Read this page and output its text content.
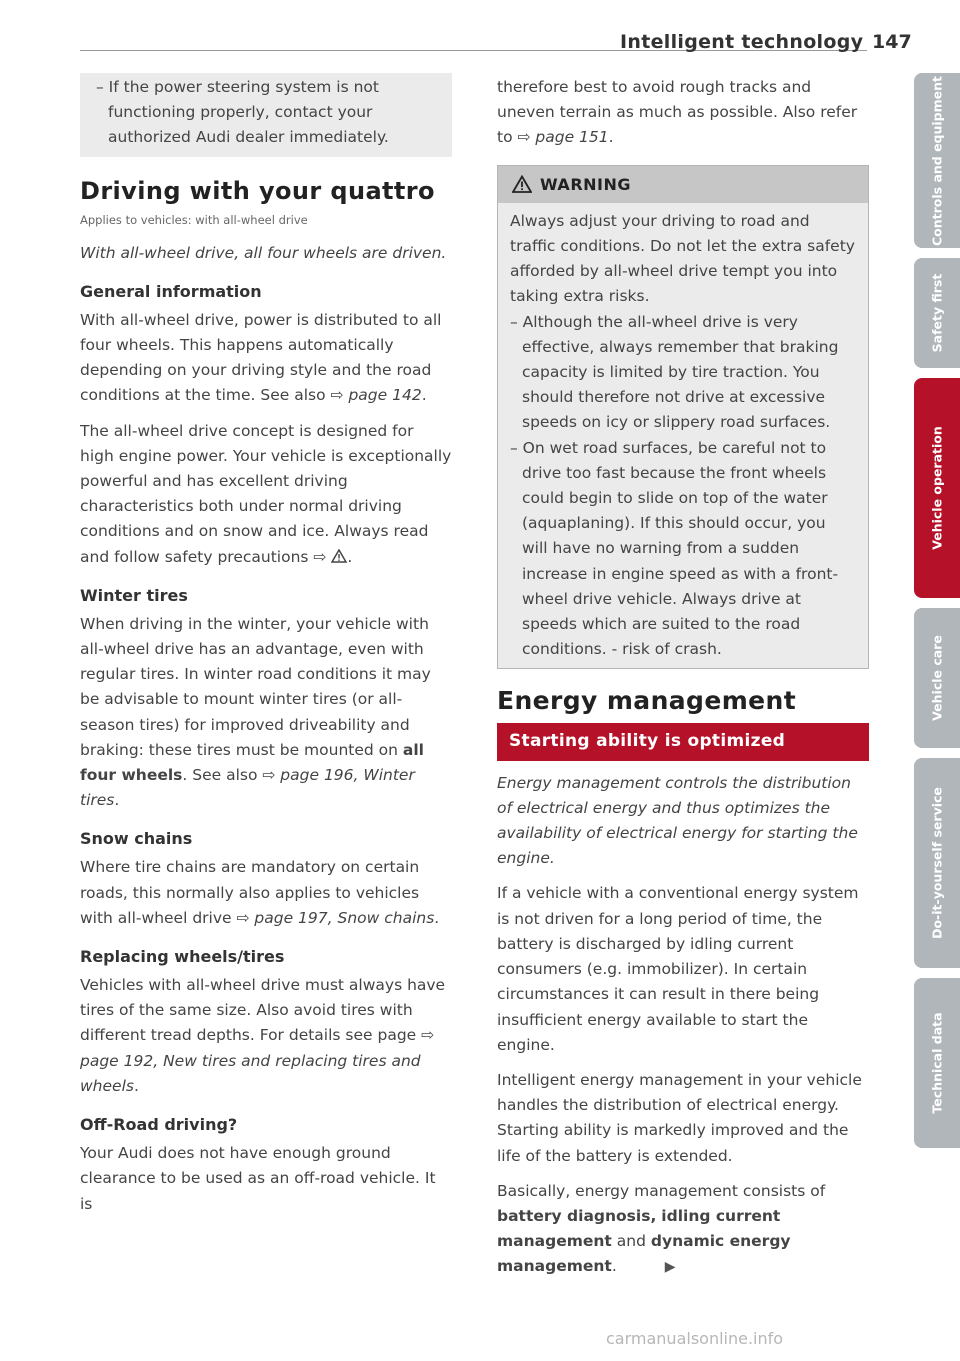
Intelligent technology 147

– If the power steering system is not functioning properly, contact your authorized Audi dealer immediately.

Driving with your quattro
Applies to vehicles: with all-wheel drive

With all-wheel drive, all four wheels are driven.

General information

With all-wheel drive, power is distributed to all four wheels. This happens automatically depending on your driving style and the road conditions at the time. See also ⇨ page 142.

The all-wheel drive concept is designed for high engine power. Your vehicle is exceptionally powerful and has excellent driving characteristics both under normal driving conditions and on snow and ice. Always read and follow safety precautions ⇨ .

Winter tires

When driving in the winter, your vehicle with all-wheel drive has an advantage, even with regular tires. In winter road conditions it may be advisable to mount winter tires (or all-season tires) for improved driveability and braking: these tires must be mounted on all four wheels. See also ⇨ page 196, Winter tires.

Snow chains

Where tire chains are mandatory on certain roads, this normally also applies to vehicles with all-wheel drive ⇨ page 197, Snow chains.

Replacing wheels/tires

Vehicles with all-wheel drive must always have tires of the same size. Also avoid tires with different tread depths. For details see page ⇨ page 192, New tires and replacing tires and wheels.

Off-Road driving?

Your Audi does not have enough ground clearance to be used as an off-road vehicle. It is

therefore best to avoid rough tracks and uneven terrain as much as possible. Also refer to ⇨ page 151.

WARNING

Always adjust your driving to road and traffic conditions. Do not let the extra safety afforded by all-wheel drive tempt you into taking extra risks.

– Although the all-wheel drive is very effective, always remember that braking capacity is limited by tire traction. You should therefore not drive at excessive speeds on icy or slippery road surfaces.

– On wet road surfaces, be careful not to drive too fast because the front wheels could begin to slide on top of the water (aquaplaning). If this should occur, you will have no warning from a sudden increase in engine speed as with a front-wheel drive vehicle. Always drive at speeds which are suited to the road conditions. - risk of crash.

Energy management
Starting ability is optimized

Energy management controls the distribution of electrical energy and thus optimizes the availability of electrical energy for starting the engine.

If a vehicle with a conventional energy system is not driven for a long period of time, the battery is discharged by idling current consumers (e.g. immobilizer). In certain circumstances it can result in there being insufficient energy available to start the engine.

Intelligent energy management in your vehicle handles the distribution of electrical energy. Starting ability is markedly improved and the life of the battery is extended.

Basically, energy management consists of battery diagnosis, idling current management and dynamic energy management.	▶

Controls and equipment
Safety first
Vehicle operation
Vehicle care
Do-it-yourself service
Technical data
carmanualsonline.info
